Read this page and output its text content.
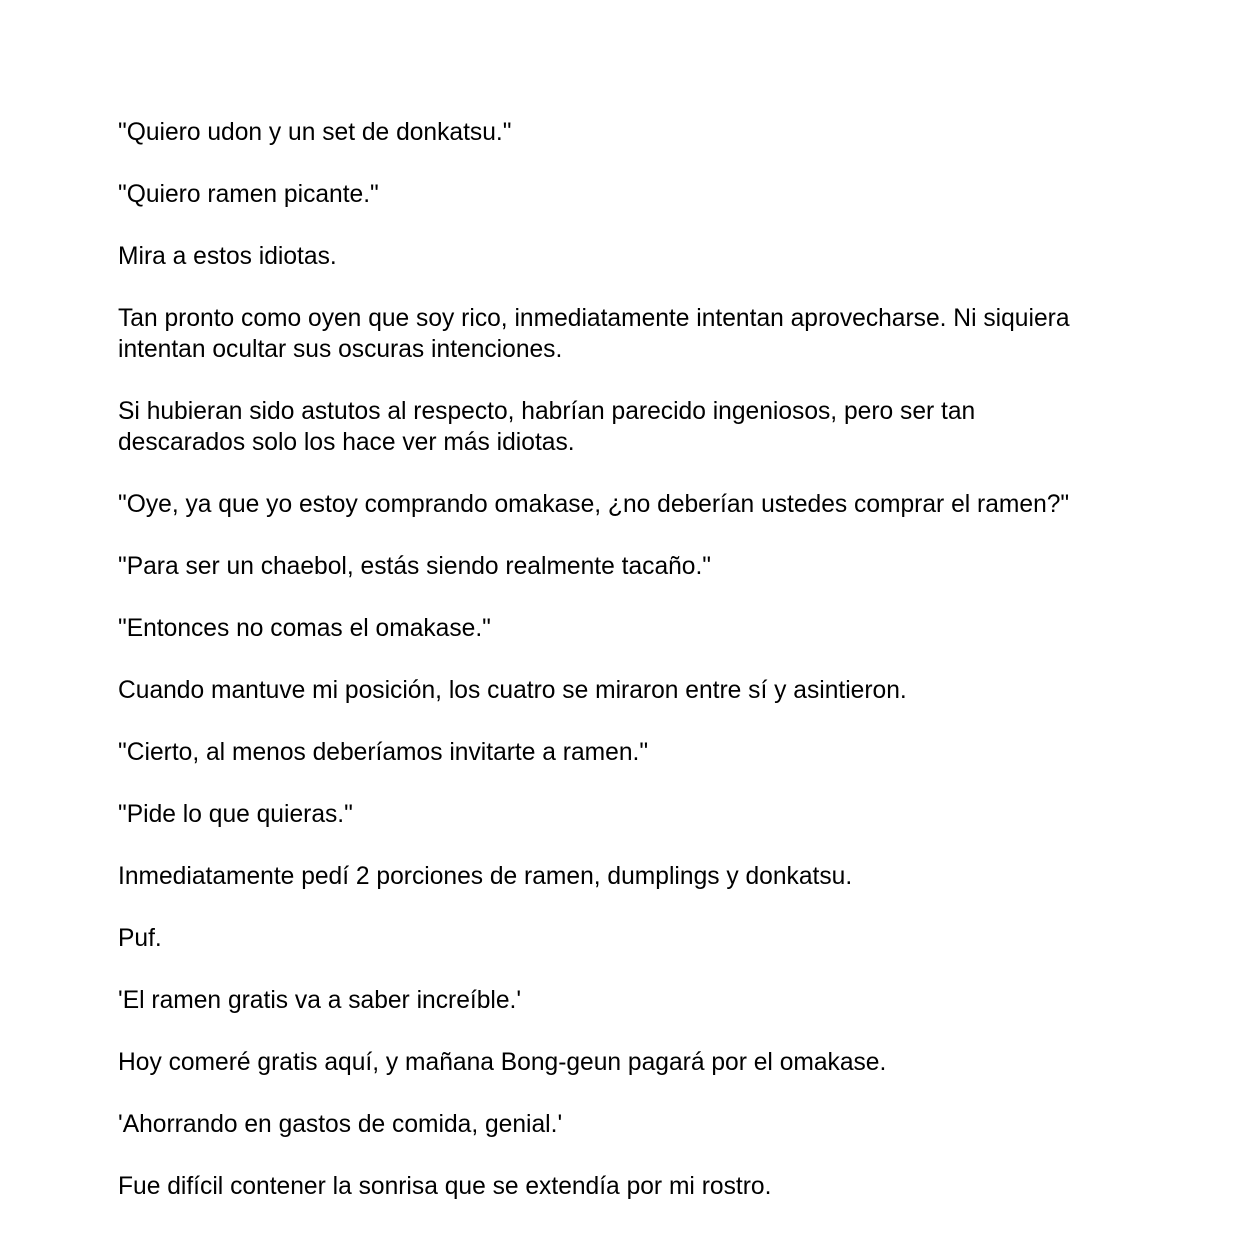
"Quiero udon y un set de donkatsu."

"Quiero ramen picante."

Mira a estos idiotas.

Tan pronto como oyen que soy rico, inmediatamente intentan aprovecharse. Ni siquiera intentan ocultar sus oscuras intenciones.

Si hubieran sido astutos al respecto, habrían parecido ingeniosos, pero ser tan descarados solo los hace ver más idiotas.

"Oye, ya que yo estoy comprando omakase, ¿no deberían ustedes comprar el ramen?"

"Para ser un chaebol, estás siendo realmente tacaño."

"Entonces no comas el omakase."

Cuando mantuve mi posición, los cuatro se miraron entre sí y asintieron.

"Cierto, al menos deberíamos invitarte a ramen."

"Pide lo que quieras."

Inmediatamente pedí 2 porciones de ramen, dumplings y donkatsu.

Puf.

'El ramen gratis va a saber increíble.'

Hoy comeré gratis aquí, y mañana Bong-geun pagará por el omakase.

'Ahorrando en gastos de comida, genial.'

Fue difícil contener la sonrisa que se extendía por mi rostro.
